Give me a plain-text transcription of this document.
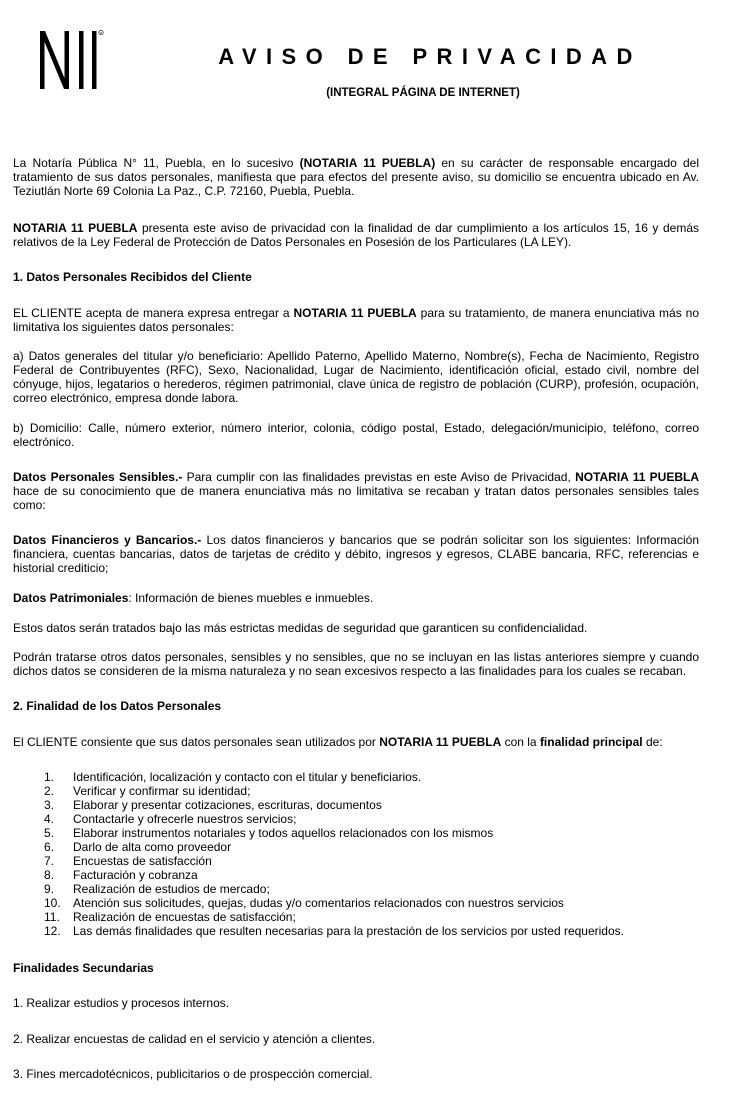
R
AVISO DE PRIVACIDAD
(INTEGRAL PÁGINA DE INTERNET)

La Notaría Pública N° 11, Puebla, en lo sucesivo (NOTARIA 11 PUEBLA) en su carácter de responsable encargado del tratamiento de sus datos personales, manifiesta que para efectos del presente aviso, su domicilio se encuentra ubicado en Av. Teziutlán Norte 69 Colonia La Paz., C.P. 72160, Puebla, Puebla.

NOTARIA 11 PUEBLA presenta este aviso de privacidad con la finalidad de dar cumplimiento a los artículos 15, 16 y demás relativos de la Ley Federal de Protección de Datos Personales en Posesión de los Particulares (LA LEY).

1. Datos Personales Recibidos del Cliente

EL CLIENTE acepta de manera expresa entregar a NOTARIA 11 PUEBLA para su tratamiento, de manera enunciativa más no limitativa los siguientes datos personales:

a) Datos generales del titular y/o beneficiario: Apellido Paterno, Apellido Materno, Nombre(s), Fecha de Nacimiento, Registro Federal de Contribuyentes (RFC), Sexo, Nacionalidad, Lugar de Nacimiento, identificación oficial, estado civil, nombre del cónyuge, hijos, legatarios o herederos, régimen patrimonial, clave única de registro de población (CURP), profesión, ocupación, correo electrónico, empresa donde labora.

b) Domicilio: Calle, número exterior, número interior, colonia, código postal, Estado, delegación/municipio, teléfono, correo electrónico.

Datos Personales Sensibles.- Para cumplir con las finalidades previstas en este Aviso de Privacidad, NOTARIA 11 PUEBLA hace de su conocimiento que de manera enunciativa más no limitativa se recaban y tratan datos personales sensibles tales como:

Datos Financieros y Bancarios.- Los datos financieros y bancarios que se podrán solicitar son los siguientes: Información financiera, cuentas bancarias, datos de tarjetas de crédito y débito, ingresos y egresos, CLABE bancaria, RFC, referencias e historial crediticio;

Datos Patrimoniales: Información de bienes muebles e inmuebles.

Estos datos serán tratados bajo las más estrictas medidas de seguridad que garanticen su confidencialidad.

Podrán tratarse otros datos personales, sensibles y no sensibles, que no se incluyan en las listas anteriores siempre y cuando dichos datos se consideren de la misma naturaleza y no sean excesivos respecto a las finalidades para los cuales se recaban.

2. Finalidad de los Datos Personales

El CLIENTE consiente que sus datos personales sean utilizados por NOTARIA 11 PUEBLA con la finalidad principal de:

1.	Identificación, localización y contacto con el titular y beneficiarios.
2.	Verificar y confirmar su identidad;
3.	Elaborar y presentar cotizaciones, escrituras, documentos
4.	Contactarle y ofrecerle nuestros servicios;
5.	Elaborar instrumentos notariales y todos aquellos relacionados con los mismos
6.	Darlo de alta como proveedor
7.	Encuestas de satisfacción
8.	Facturación y cobranza
9.	Realización de estudios de mercado;
10.	Atención sus solicitudes, quejas, dudas y/o comentarios relacionados con nuestros servicios
11.	Realización de encuestas de satisfacción;
12.	Las demás finalidades que resulten necesarias para la prestación de los servicios por usted requeridos.

Finalidades Secundarias

1. Realizar estudios y procesos internos.

2. Realizar encuestas de calidad en el servicio y atención a clientes.

3. Fines mercadotécnicos, publicitarios o de prospección comercial.
